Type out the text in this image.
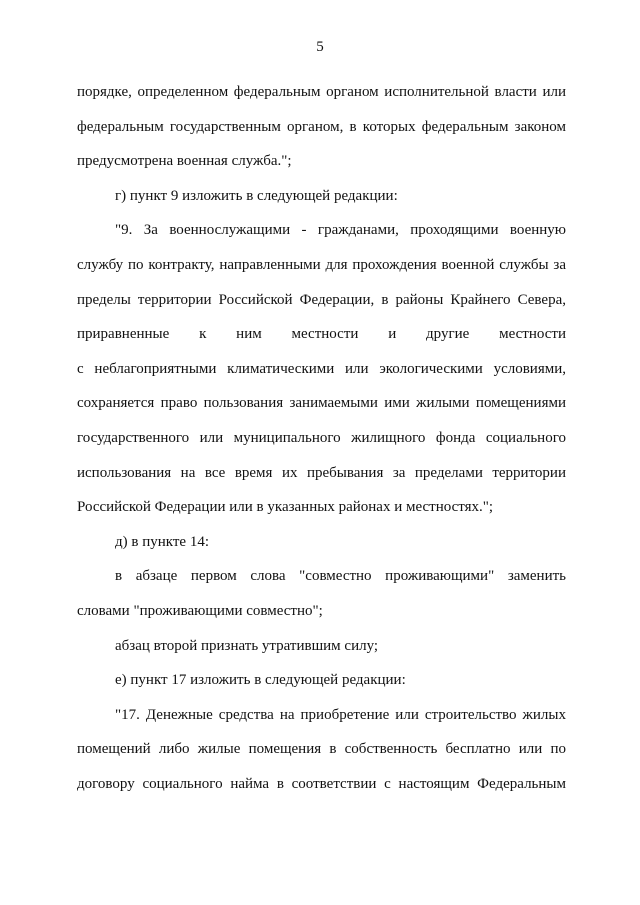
5

порядке, определенном федеральным органом исполнительной власти или

федеральным государственным органом, в которых федеральным законом

предусмотрена военная служба.";

г) пункт 9 изложить в следующей редакции:

"9. За военнослужащими - гражданами, проходящими военную

службу по контракту, направленными для прохождения военной службы за

пределы территории Российской Федерации, в районы Крайнего Севера,

приравненные к ним местности и другие местности

с неблагоприятными климатическими или экологическими условиями,

сохраняется право пользования занимаемыми ими жилыми помещениями

государственного или муниципального жилищного фонда социального

использования на все время их пребывания за пределами территории

Российской Федерации или в указанных районах и местностях.";

д) в пункте 14:

в абзаце первом слова "совместно проживающими" заменить

словами "проживающими совместно";

абзац второй признать утратившим силу;

е) пункт 17 изложить в следующей редакции:

"17. Денежные средства на приобретение или строительство жилых

помещений либо жилые помещения в собственность бесплатно или по

договору социального найма в соответствии с настоящим Федеральным
